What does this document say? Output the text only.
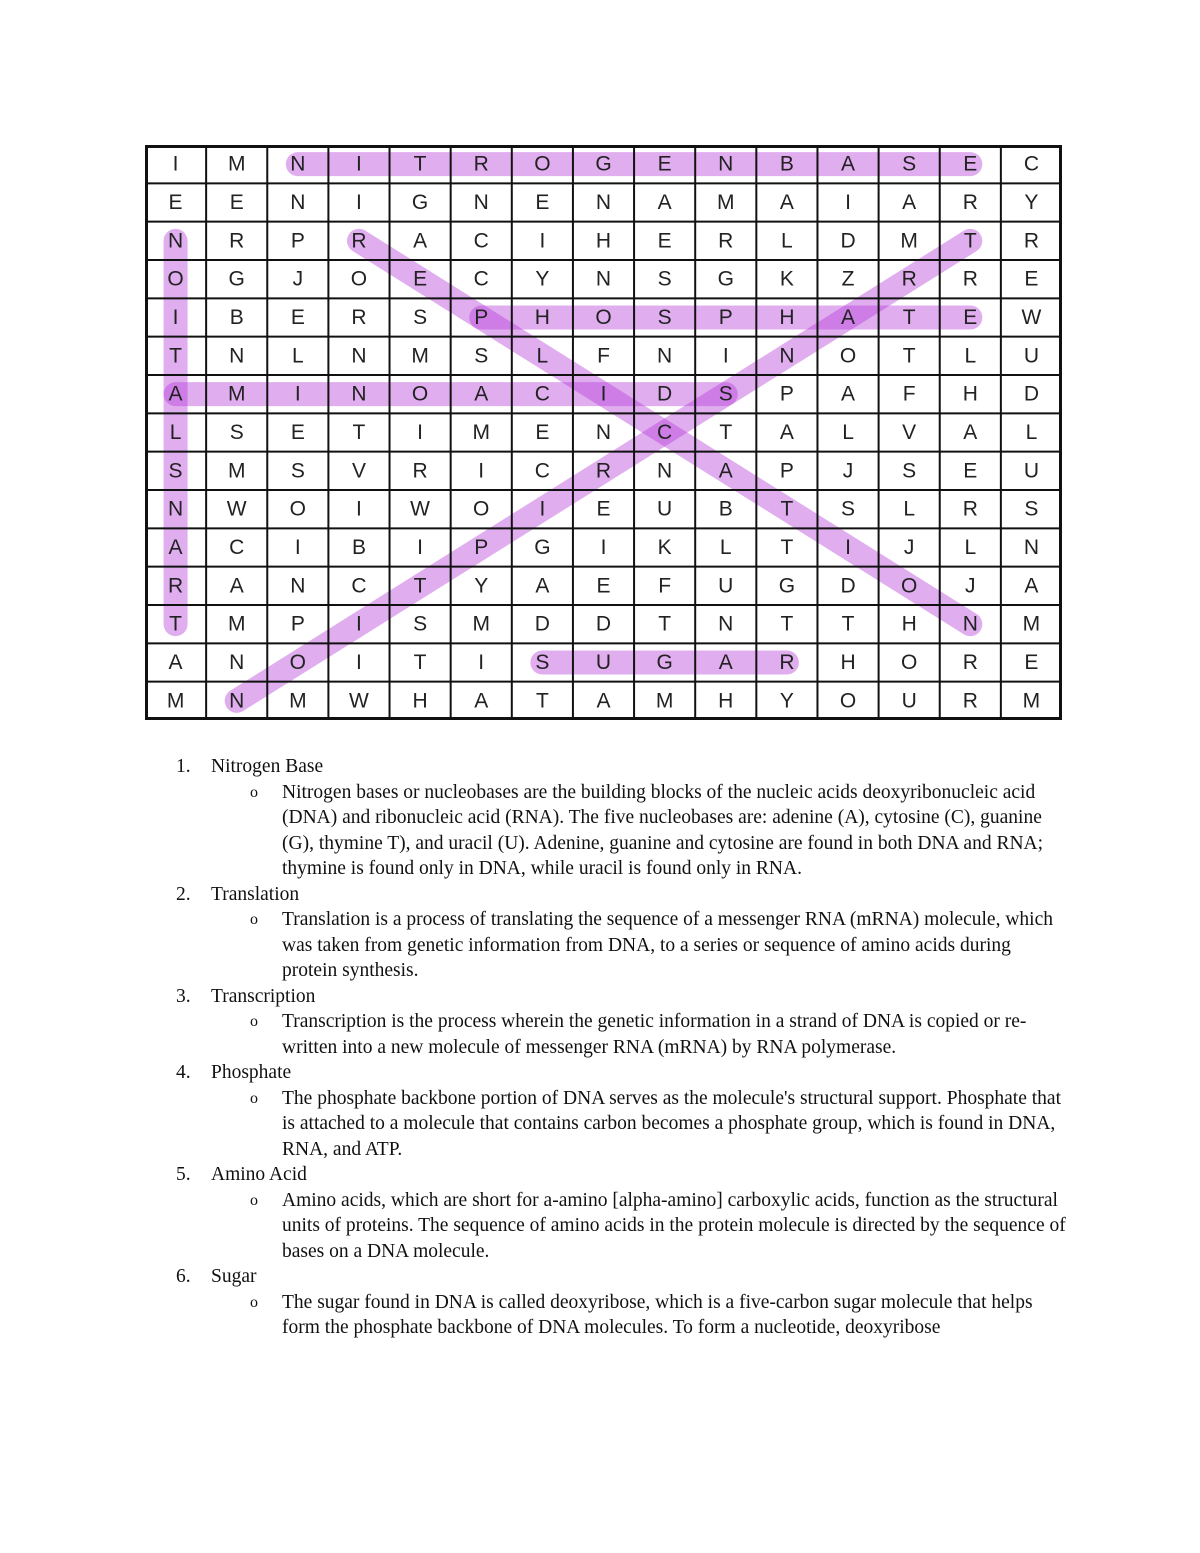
I M N I T R O G E N B A S E C
E E N I G N E N A M A I A R Y
N R P R A C I H E R L D M T R
O G J O E C Y N S G K Z R R E
I B E R S P H O S P H A T E W
T N L N M S L F N I N O T L U
A M I N O A C I D S P A F H D
L S E T I M E N C T A L V A L
S M S V R I C R N A P J S E U
N W O I W O I E U B T S L R S
A C I B I P G I K L T I	J L N
R A N C T Y A E F U G D O J A
T M P I S M D D T N T T H N M
A N O I T I S U G A R H O R E
M N M W H A T A M H Y O U R M
1.	Nitrogen Base
o Nitrogen bases or nucleobases are the building blocks of the nucleic acids deoxyribonucleic acid (DNA) and ribonucleic acid (RNA). The five nucleobases are: adenine (A), cytosine (C), guanine (G), thymine T), and uracil (U). Adenine, guanine and cytosine are found in both DNA and RNA; thymine is found only in DNA, while uracil is found only in RNA.
2.	Translation
o Translation is a process of translating the sequence of a messenger RNA (mRNA) molecule, which was taken from genetic information from DNA, to a series or sequence of amino acids during protein synthesis.
3.	Transcription
o Transcription is the process wherein the genetic information in a strand of DNA is copied or re-written into a new molecule of messenger RNA (mRNA) by RNA polymerase.
4.	Phosphate
o The phosphate backbone portion of DNA serves as the molecule's structural support. Phosphate that is attached to a molecule that contains carbon becomes a phosphate group, which is found in DNA, RNA, and ATP.
5.	Amino Acid
o Amino acids, which are short for a-amino [alpha-amino] carboxylic acids, function as the structural units of proteins. The sequence of amino acids in the protein molecule is directed by the sequence of bases on a DNA molecule.
6.	Sugar
o The sugar found in DNA is called deoxyribose, which is a five-carbon sugar molecule that helps form the phosphate backbone of DNA molecules. To form a nucleotide, deoxyribose
